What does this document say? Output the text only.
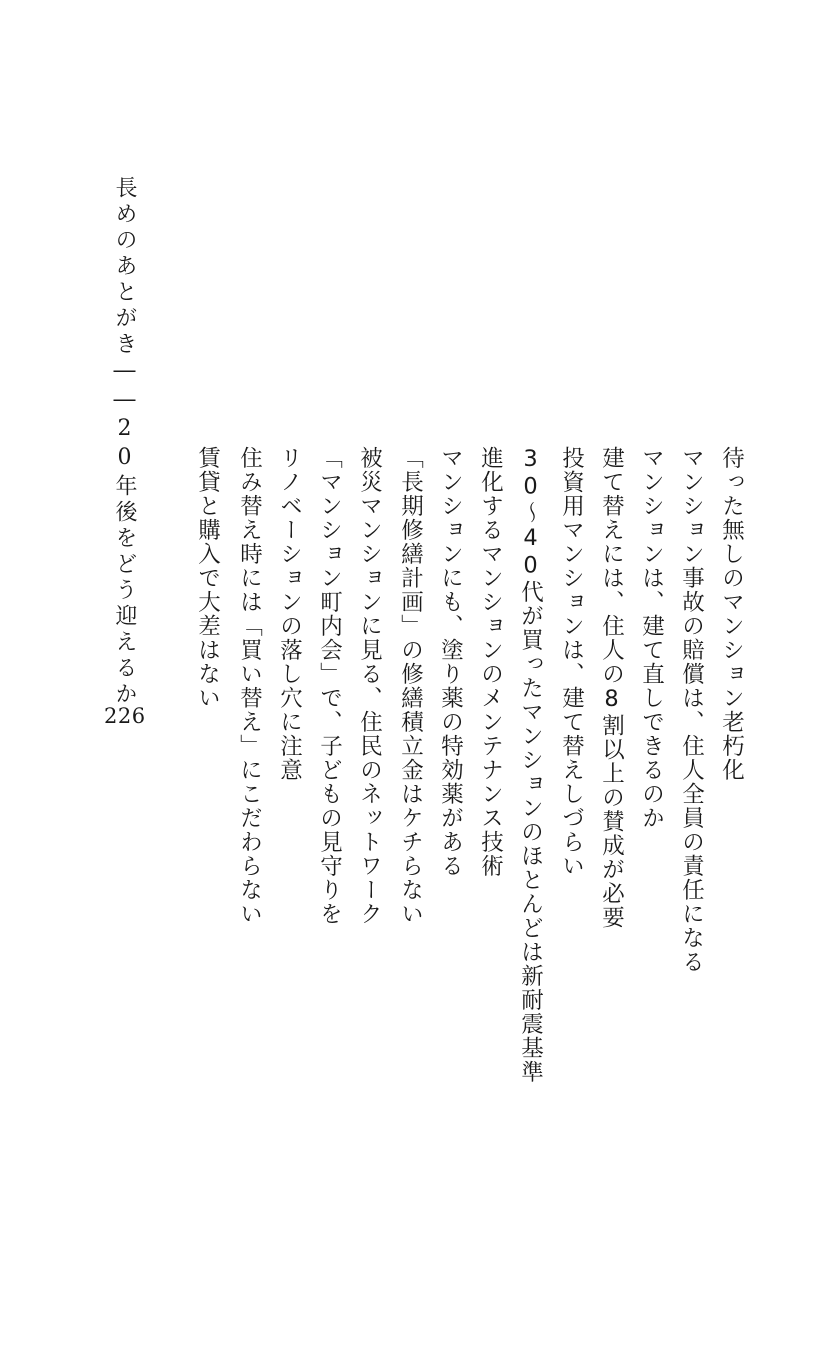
待った無しのマンション老朽化

マンション事故の賠償は、住人全員の責任になる

マンションは、建て直しできるのか

建て替えには、住人の8割以上の賛成が必要

投資用マンションは、建て替えしづらい

30〜40代が買ったマンションのほとんどは新耐震基準

進化するマンションのメンテナンス技術

マンションにも、塗り薬の特効薬がある

「長期修繕計画」の修繕積立金はケチらない

被災マンションに見る、住民のネットワーク

「マンション町内会」で、子どもの見守りを

リノベーションの落し穴に注意

住み替え時には「買い替え」にこだわらない

賃貸と購入で大差はない

長めのあとがき――20年後をどう迎えるか

226
